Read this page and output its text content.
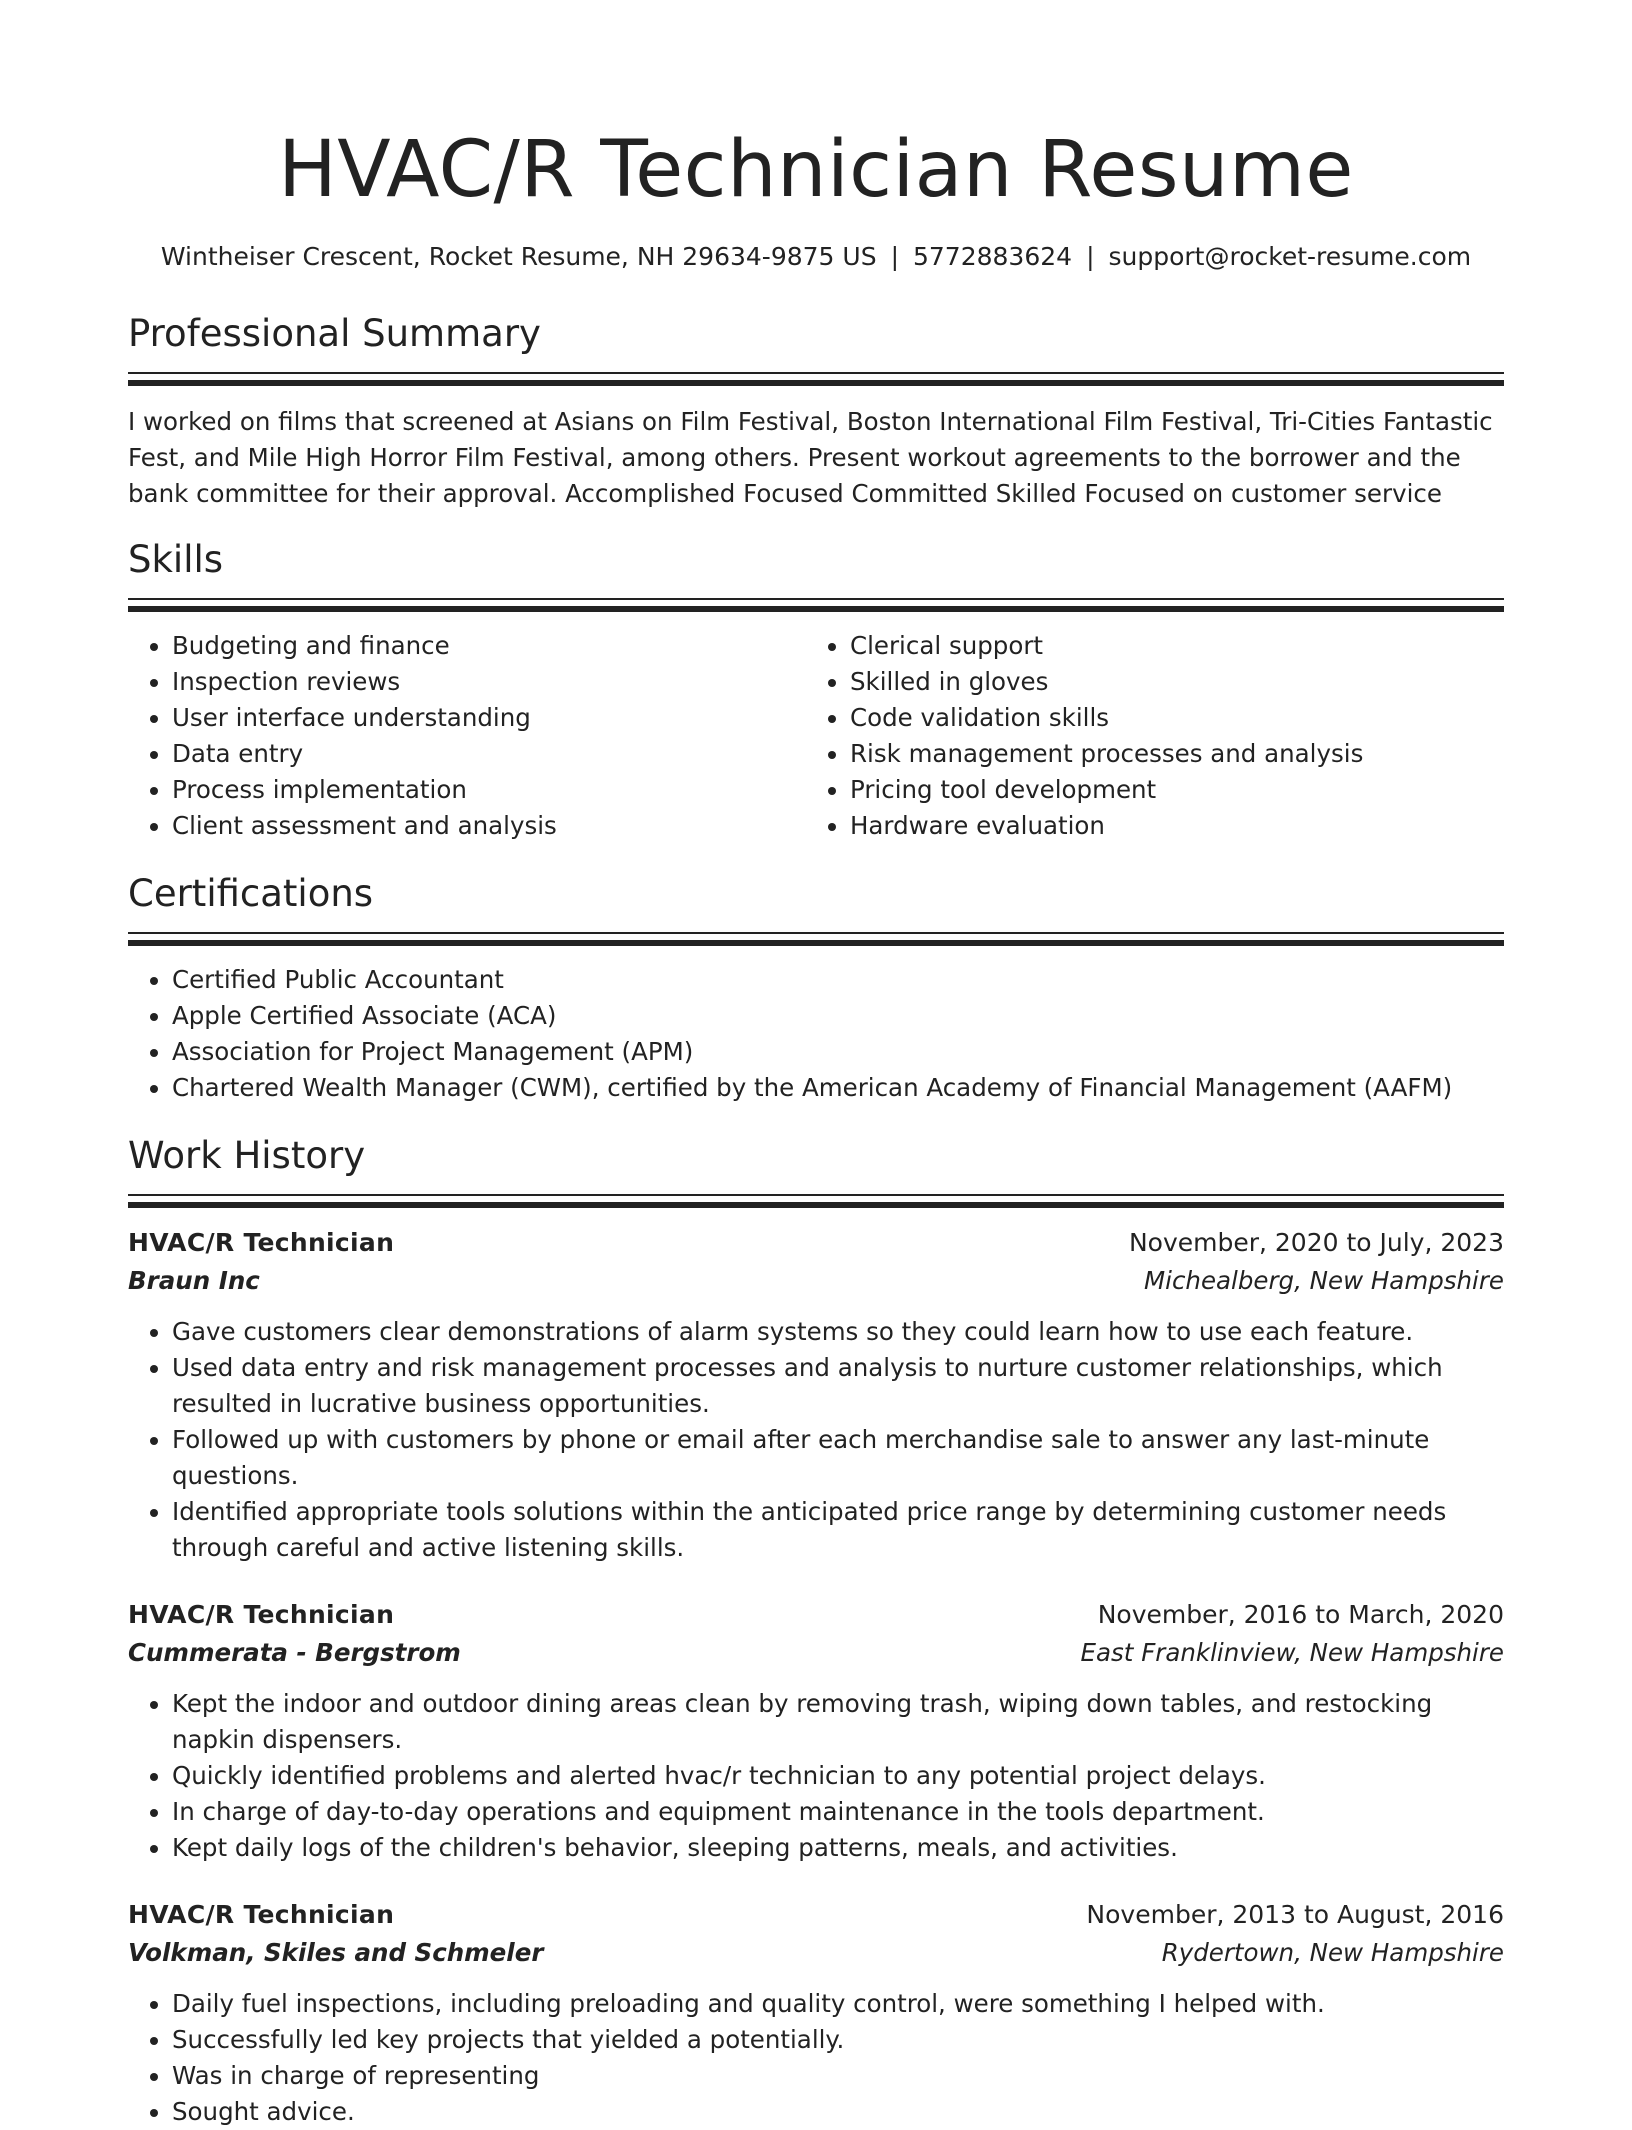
HVAC/R Technician Resume
Wintheiser Crescent, Rocket Resume, NH 29634-9875 US | 5772883624 | support@rocket-resume.com
Professional Summary
I worked on films that screened at Asians on Film Festival, Boston International Film Festival, Tri-Cities Fantastic Fest, and Mile High Horror Film Festival, among others. Present workout agreements to the borrower and the bank committee for their approval. Accomplished Focused Committed Skilled Focused on customer service
Skills
• Budgeting and finance
• Inspection reviews
• User interface understanding
• Data entry
• Process implementation
• Client assessment and analysis
• Clerical support
• Skilled in gloves
• Code validation skills
• Risk management processes and analysis
• Pricing tool development
• Hardware evaluation
Certifications
• Certified Public Accountant
• Apple Certified Associate (ACA)
• Association for Project Management (APM)
• Chartered Wealth Manager (CWM), certified by the American Academy of Financial Management (AAFM)
Work History
HVAC/R Technician	November, 2020 to July, 2023
Braun Inc	Michealberg, New Hampshire
• Gave customers clear demonstrations of alarm systems so they could learn how to use each feature.
• Used data entry and risk management processes and analysis to nurture customer relationships, which resulted in lucrative business opportunities.
• Followed up with customers by phone or email after each merchandise sale to answer any last-minute questions.
• Identified appropriate tools solutions within the anticipated price range by determining customer needs through careful and active listening skills.
HVAC/R Technician	November, 2016 to March, 2020
Cummerata - Bergstrom	East Franklinview, New Hampshire
• Kept the indoor and outdoor dining areas clean by removing trash, wiping down tables, and restocking napkin dispensers.
• Quickly identified problems and alerted hvac/r technician to any potential project delays.
• In charge of day-to-day operations and equipment maintenance in the tools department.
• Kept daily logs of the children's behavior, sleeping patterns, meals, and activities.
HVAC/R Technician	November, 2013 to August, 2016
Volkman, Skiles and Schmeler	Rydertown, New Hampshire
• Daily fuel inspections, including preloading and quality control, were something I helped with.
• Successfully led key projects that yielded a potentially.
• Was in charge of representing
• Sought advice.
